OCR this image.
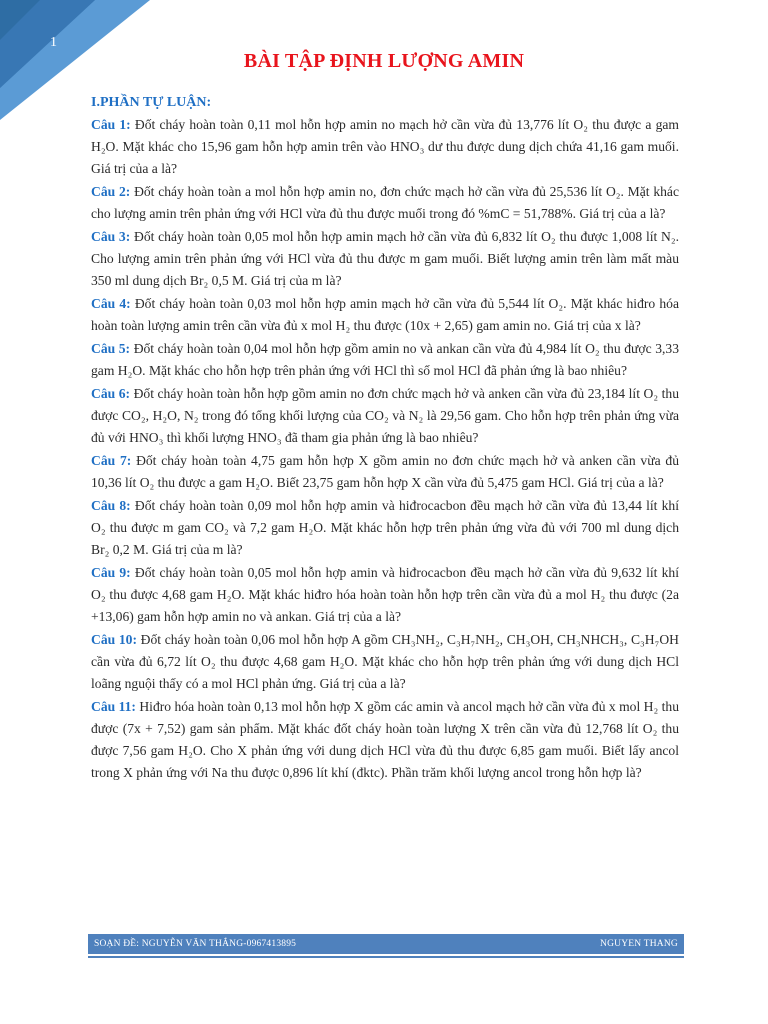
1
BÀI TẬP ĐỊNH LƯỢNG AMIN
I.PHẦN TỰ LUẬN:

Câu 1: Đốt cháy hoàn toàn 0,11 mol hỗn hợp amin no mạch hở cần vừa đủ 13,776 lít O₂ thu được a gam H₂O. Mặt khác cho 15,96 gam hỗn hợp amin trên vào HNO₃ dư thu được dung dịch chứa 41,16 gam muối. Giá trị của a là?

Câu 2: Đốt cháy hoàn toàn a mol hỗn hợp amin no, đơn chức mạch hở cần vừa đủ 25,536 lít O₂. Mặt khác cho lượng amin trên phản ứng với HCl vừa đủ thu được muối trong đó %mC = 51,788%. Giá trị của a là?

Câu 3: Đốt cháy hoàn toàn 0,05 mol hỗn hợp amin mạch hở cần vừa đủ 6,832 lít O₂ thu được 1,008 lít N₂. Cho lượng amin trên phản ứng với HCl vừa đủ thu được m gam muối. Biết lượng amin trên làm mất màu 350 ml dung dịch Br₂ 0,5 M. Giá trị của m là?

Câu 4: Đốt cháy hoàn toàn 0,03 mol hỗn hợp amin mạch hở cần vừa đủ 5,544 lít O₂. Mặt khác hiđro hóa hoàn toàn lượng amin trên cần vừa đủ x mol H₂ thu được (10x + 2,65) gam amin no. Giá trị của x là?

Câu 5: Đốt cháy hoàn toàn 0,04 mol hỗn hợp gồm amin no và ankan cần vừa đủ 4,984 lít O₂ thu được 3,33 gam H₂O. Mặt khác cho hỗn hợp trên phản ứng với HCl thì số mol HCl đã phản ứng là bao nhiêu?

Câu 6: Đốt cháy hoàn toàn hỗn hợp gồm amin no đơn chức mạch hở và anken cần vừa đủ 23,184 lít O₂ thu được CO₂, H₂O, N₂ trong đó tổng khối lượng của CO₂ và N₂ là 29,56 gam. Cho hỗn hợp trên phản ứng vừa đủ với HNO₃ thì khối lượng HNO₃ đã tham gia phản ứng là bao nhiêu?

Câu 7: Đốt cháy hoàn toàn 4,75 gam hỗn hợp X gồm amin no đơn chức mạch hở và anken cần vừa đủ 10,36 lít O₂ thu được a gam H₂O. Biết 23,75 gam hỗn hợp X cần vừa đủ 5,475 gam HCl. Giá trị của a là?

Câu 8: Đốt cháy hoàn toàn 0,09 mol hỗn hợp amin và hiđrocacbon đều mạch hở cần vừa đủ 13,44 lít khí O₂ thu được m gam CO₂ và 7,2 gam H₂O. Mặt khác hỗn hợp trên phản ứng vừa đủ với 700 ml dung dịch Br₂ 0,2 M. Giá trị của m là?

Câu 9: Đốt cháy hoàn toàn 0,05 mol hỗn hợp amin và hiđrocacbon đều mạch hở cần vừa đủ 9,632 lít khí O₂ thu được 4,68 gam H₂O. Mặt khác hiđro hóa hoàn toàn hỗn hợp trên cần vừa đủ a mol H₂ thu được (2a +13,06) gam hỗn hợp amin no và ankan. Giá trị của a là?

Câu 10: Đốt cháy hoàn toàn 0,06 mol hỗn hợp A gồm CH₃NH₂, C₃H₇NH₂, CH₃OH, CH₃NHCH₃, C₃H₇OH cần vừa đủ 6,72 lít O₂ thu được 4,68 gam H₂O. Mặt khác cho hỗn hợp trên phản ứng với dung dịch HCl loãng nguội thấy có a mol HCl phản ứng. Giá trị của a là?

Câu 11: Hiđro hóa hoàn toàn 0,13 mol hỗn hợp X gồm các amin và ancol mạch hở cần vừa đủ x mol H₂ thu được (7x + 7,52) gam sản phẩm. Mặt khác đốt cháy hoàn toàn lượng X trên cần vừa đủ 12,768 lít O₂ thu được 7,56 gam H₂O. Cho X phản ứng với dung dịch HCl vừa đủ thu được 6,85 gam muối. Biết lấy ancol trong X phản ứng với Na thu được 0,896 lít khí (đktc). Phần trăm khối lượng ancol trong hỗn hợp là?

SOẠN ĐỀ: NGUYỄN VĂN THẮNG-0967413895	NGUYEN THANG
